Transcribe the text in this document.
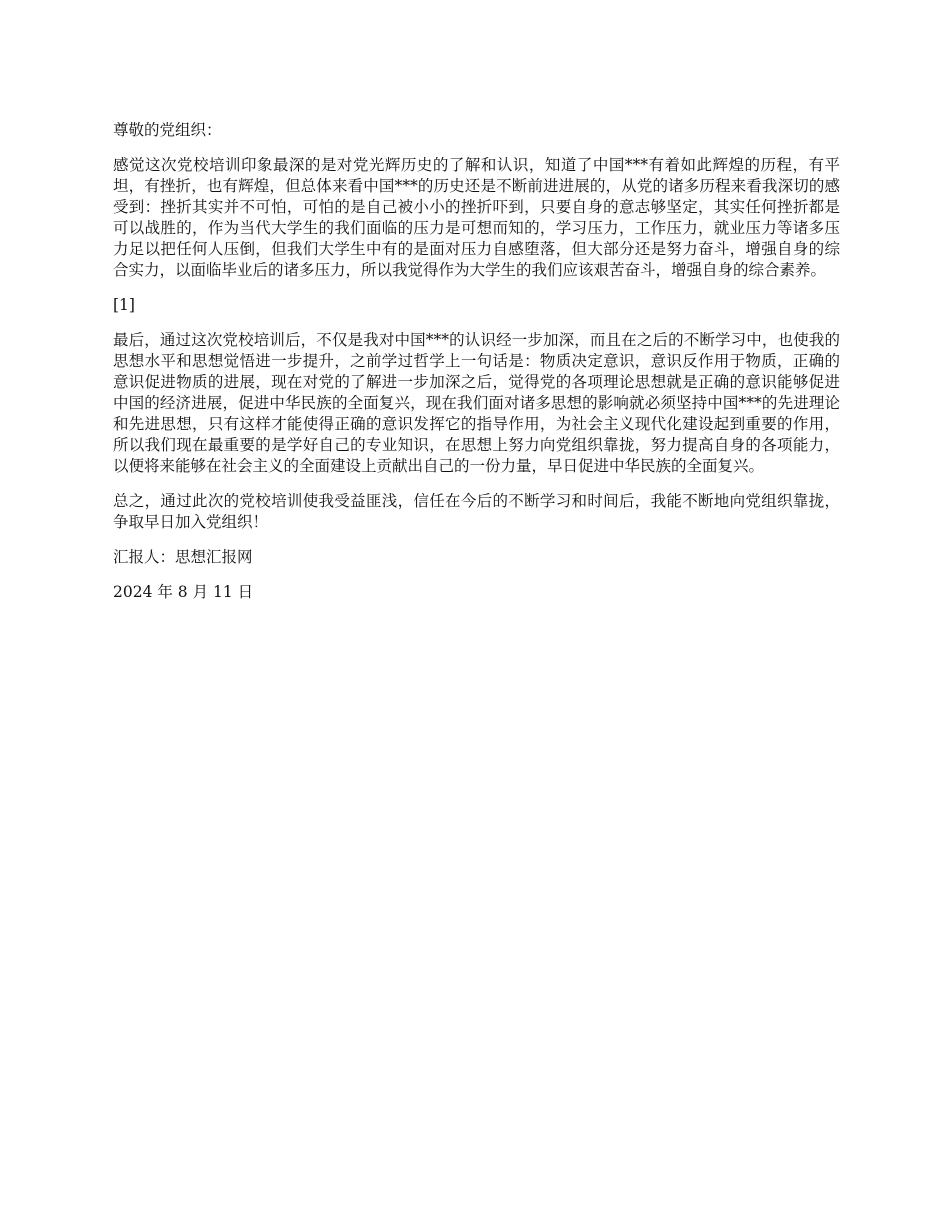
尊敬的党组织：

感觉这次党校培训印象最深的是对党光辉历史的了解和认识，知道了中国***有着如此辉煌的历程，有平坦，有挫折，也有辉煌，但总体来看中国***的历史还是不断前进进展的，从党的诸多历程来看我深切的感受到：挫折其实并不可怕，可怕的是自己被小小的挫折吓到，只要自身的意志够坚定，其实任何挫折都是可以战胜的，作为当代大学生的我们面临的压力是可想而知的，学习压力，工作压力，就业压力等诸多压力足以把任何人压倒，但我们大学生中有的是面对压力自感堕落，但大部分还是努力奋斗，增强自身的综合实力，以面临毕业后的诸多压力，所以我觉得作为大学生的我们应该艰苦奋斗，增强自身的综合素养。

[1]

最后，通过这次党校培训后，不仅是我对中国***的认识经一步加深，而且在之后的不断学习中，也使我的思想水平和思想觉悟进一步提升，之前学过哲学上一句话是：物质决定意识，意识反作用于物质，正确的意识促进物质的进展，现在对党的了解进一步加深之后，觉得党的各项理论思想就是正确的意识能够促进中国的经济进展，促进中华民族的全面复兴，现在我们面对诸多思想的影响就必须坚持中国***的先进理论和先进思想，只有这样才能使得正确的意识发挥它的指导作用，为社会主义现代化建设起到重要的作用，所以我们现在最重要的是学好自己的专业知识，在思想上努力向党组织靠拢，努力提高自身的各项能力，以便将来能够在社会主义的全面建设上贡献出自己的一份力量，早日促进中华民族的全面复兴。

总之，通过此次的党校培训使我受益匪浅，信任在今后的不断学习和时间后，我能不断地向党组织靠拢，争取早日加入党组织！

汇报人：思想汇报网

2024 年 8 月 11 日
